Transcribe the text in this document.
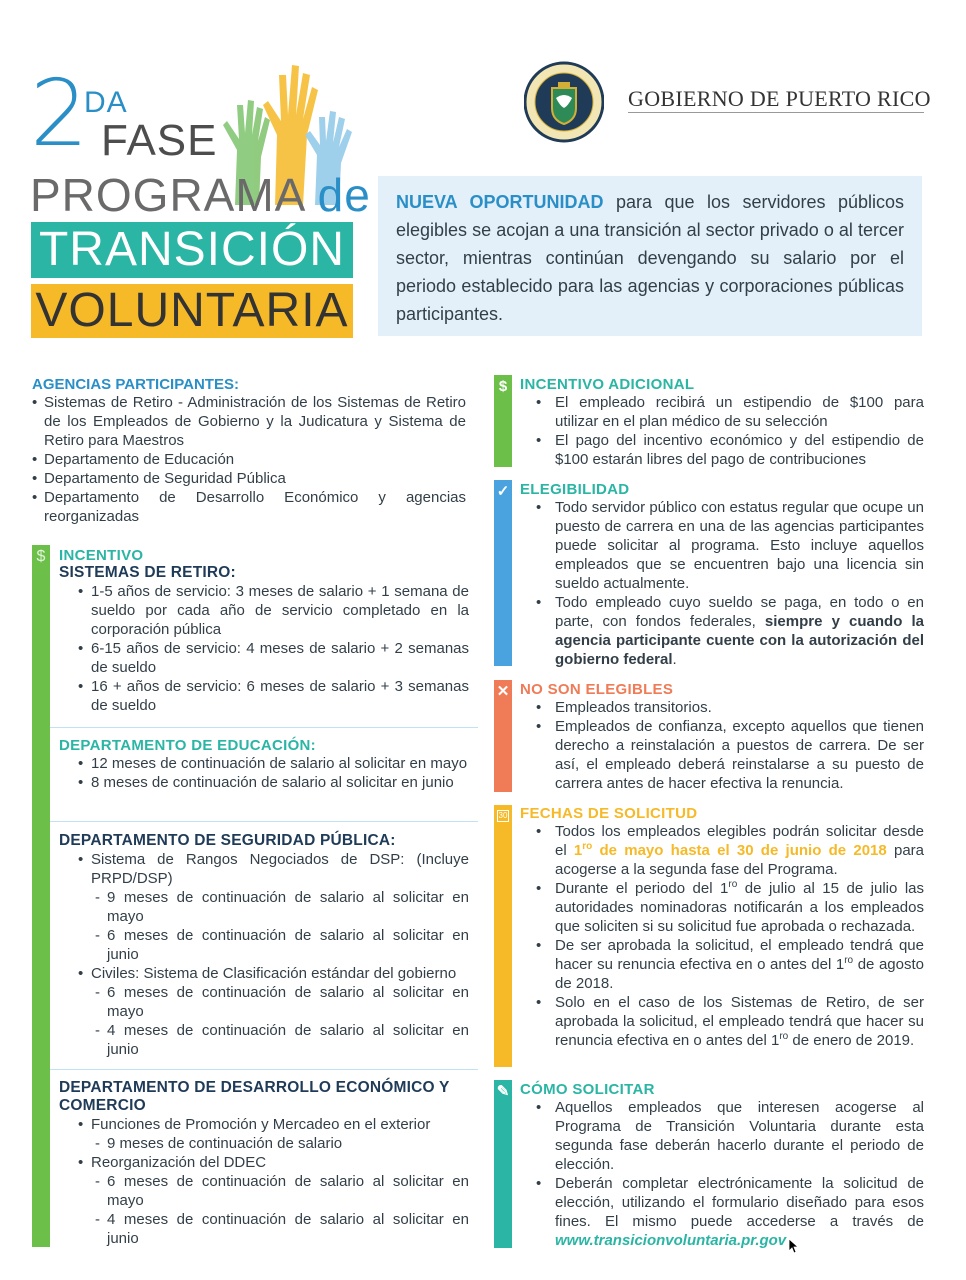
2
DA
FASE
PROGRAMA de
TRANSICIÓN
VOLUNTARIA
GOBIERNO DE PUERTO RICO
NUEVA OPORTUNIDAD para que los servidores públicos elegibles se acojan a una transición al sector privado o al tercer sector, mientras continúan devengando su salario por el periodo establecido para las agencias y corporaciones públicas participantes.
AGENCIAS PARTICIPANTES:
• Sistemas de Retiro - Administración de los Sistemas de Retiro de los Empleados de Gobierno y la Judicatura y Sistema de Retiro para Maestros
• Departamento de Educación
• Departamento de Seguridad Pública
• Departamento de Desarrollo Económico y agencias reorganizadas
$ INCENTIVO
SISTEMAS DE RETIRO:
• 1-5 años de servicio: 3 meses de salario + 1 semana de sueldo por cada año de servicio completado en la corporación pública
• 6-15 años de servicio: 4 meses de salario + 2 semanas de sueldo
• 16 + años de servicio: 6 meses de salario + 3 semanas de sueldo
DEPARTAMENTO DE EDUCACIÓN:
• 12 meses de continuación de salario al solicitar en mayo
• 8 meses de continuación de salario al solicitar en junio
DEPARTAMENTO DE SEGURIDAD PÚBLICA:
• Sistema de Rangos Negociados de DSP: (Incluye PRPD/DSP)
- 9 meses de continuación de salario al solicitar en mayo
- 6 meses de continuación de salario al solicitar en junio
• Civiles: Sistema de Clasificación estándar del gobierno
- 6 meses de continuación de salario al solicitar en mayo
- 4 meses de continuación de salario al solicitar en junio
DEPARTAMENTO DE DESARROLLO ECONÓMICO Y COMERCIO
• Funciones de Promoción y Mercadeo en el exterior
- 9 meses de continuación de salario
• Reorganización del DDEC
- 6 meses de continuación de salario al solicitar en mayo
- 4 meses de continuación de salario al solicitar en junio
$ INCENTIVO ADICIONAL
• El empleado recibirá un estipendio de $100 para utilizar en el plan médico de su selección
• El pago del incentivo económico y del estipendio de $100 estarán libres del pago de contribuciones
✓ ELEGIBILIDAD
• Todo servidor público con estatus regular que ocupe un puesto de carrera en una de las agencias participantes puede solicitar al programa. Esto incluye aquellos empleados que se encuentren bajo una licencia sin sueldo actualmente.
• Todo empleado cuyo sueldo se paga, en todo o en parte, con fondos federales, siempre y cuando la agencia participante cuente con la autorización del gobierno federal.
✕ NO SON ELEGIBLES
• Empleados transitorios.
• Empleados de confianza, excepto aquellos que tienen derecho a reinstalación a puestos de carrera. De ser así, el empleado deberá reinstalarse a su puesto de carrera antes de hacer efectiva la renuncia.
30 FECHAS DE SOLICITUD
• Todos los empleados elegibles podrán solicitar desde el $1^{ro}$ de mayo hasta el 30 de junio de 2018 para acogerse a la segunda fase del Programa.
• Durante el periodo del $1^{ro}$ de julio al 15 de julio las autoridades nominadoras notificarán a los empleados que soliciten si su solicitud fue aprobada o rechazada.
• De ser aprobada la solicitud, el empleado tendrá que hacer su renuncia efectiva en o antes del $1^{ro}$ de agosto de 2018.
• Solo en el caso de los Sistemas de Retiro, de ser aprobada la solicitud, el empleado tendrá que hacer su renuncia efectiva en o antes del $1^{ro}$ de enero de 2019.
✎ CÓMO SOLICITAR
• Aquellos empleados que interesen acogerse al Programa de Transición Voluntaria durante esta segunda fase deberán hacerlo durante el periodo de elección.
• Deberán completar electrónicamente la solicitud de elección, utilizando el formulario diseñado para esos fines. El mismo puede accederse a través de www.transicionvoluntaria.pr.gov
